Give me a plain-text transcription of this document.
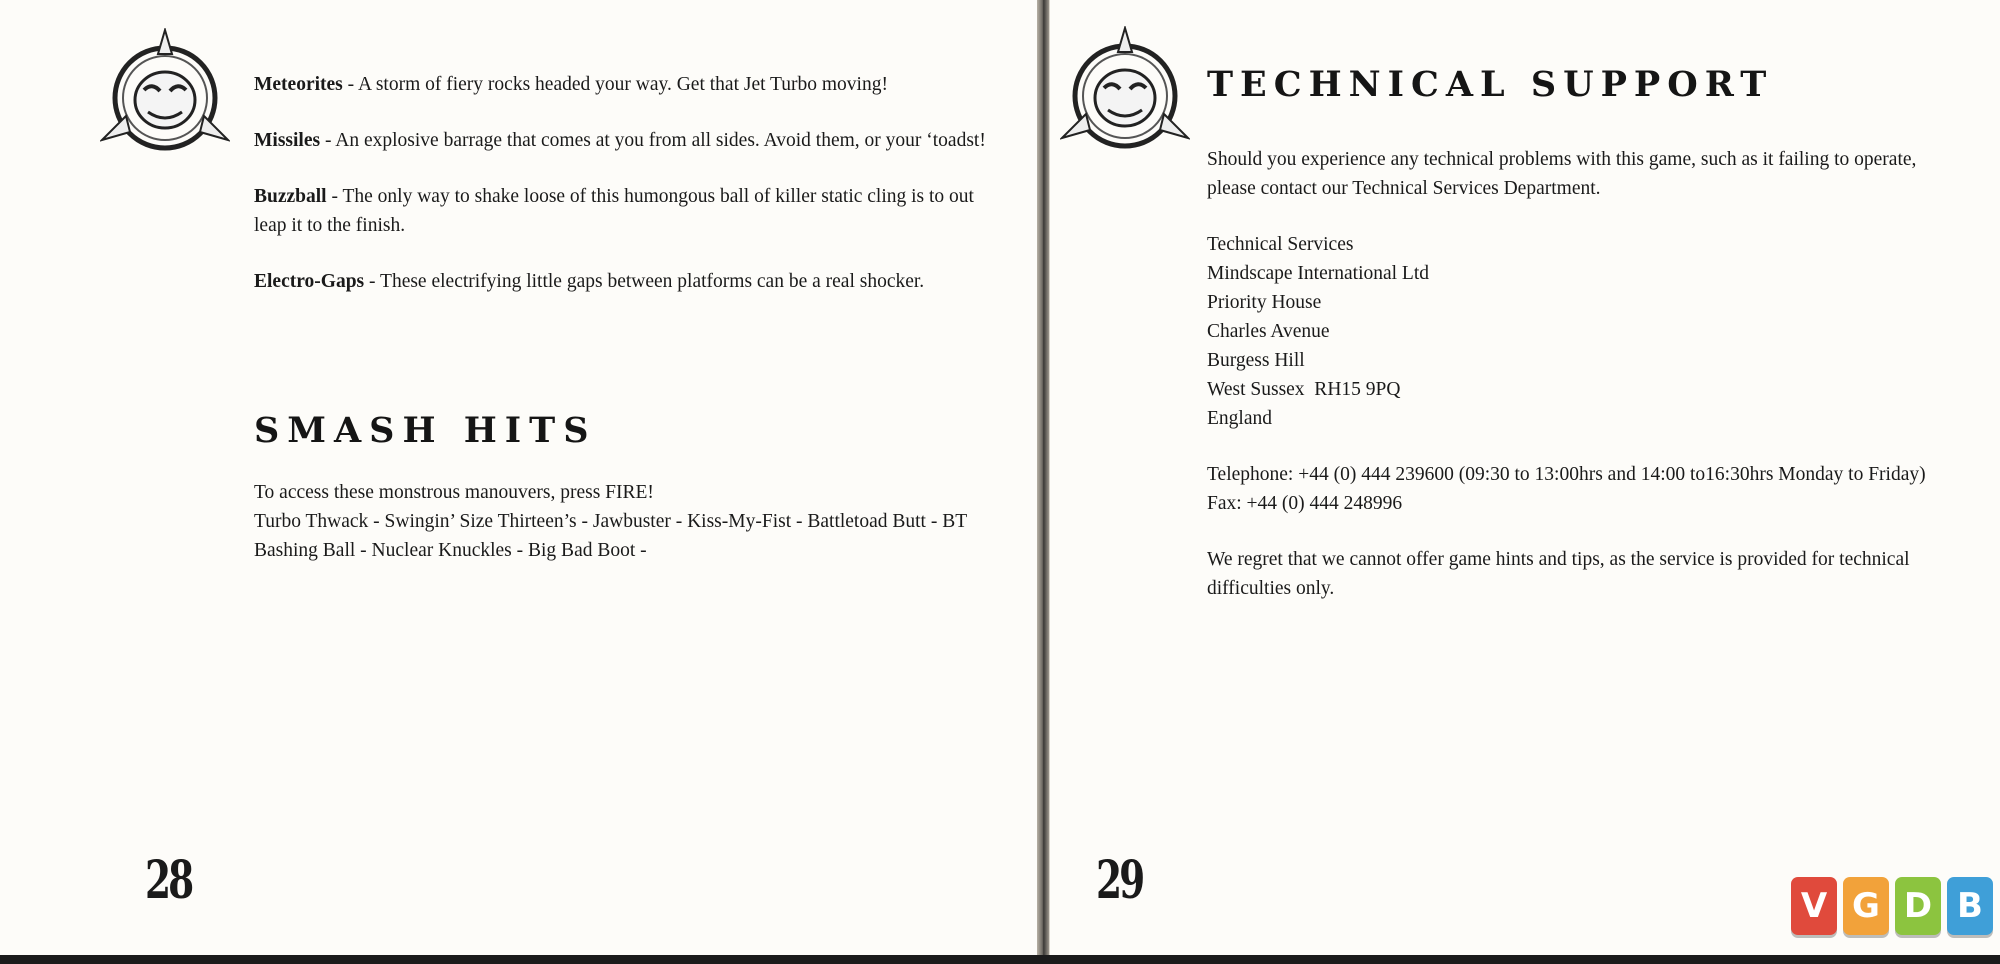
Meteorites - A storm of fiery rocks headed your way. Get that Jet Turbo moving!

Missiles - An explosive barrage that comes at you from all sides. Avoid them, or your ‘toadst!

Buzzball - The only way to shake loose of this humongous ball of killer static cling is to out leap it to the finish.

Electro-Gaps - These electrifying little gaps between platforms can be a real shocker.

SMASH HITS
To access these monstrous manouvers, press FIRE!
Turbo Thwack - Swingin’ Size Thirteen’s - Jawbuster - Kiss-My-Fist - Battletoad Butt - BT Bashing Ball - Nuclear Knuckles - Big Bad Boot -
28
TECHNICAL SUPPORT

Should you experience any technical problems with this game, such as it failing to operate, please contact our Technical Services Department.

Technical Services
Mindscape International Ltd
Priority House
Charles Avenue
Burgess Hill
West Sussex  RH15 9PQ
England
Telephone: +44 (0) 444 239600 (09:30 to 13:00hrs and 14:00 to16:30hrs Monday to Friday)
Fax: +44 (0) 444 248996

We regret that we cannot offer game hints and tips, as the service is provided for technical difficulties only.

29	V G D B
